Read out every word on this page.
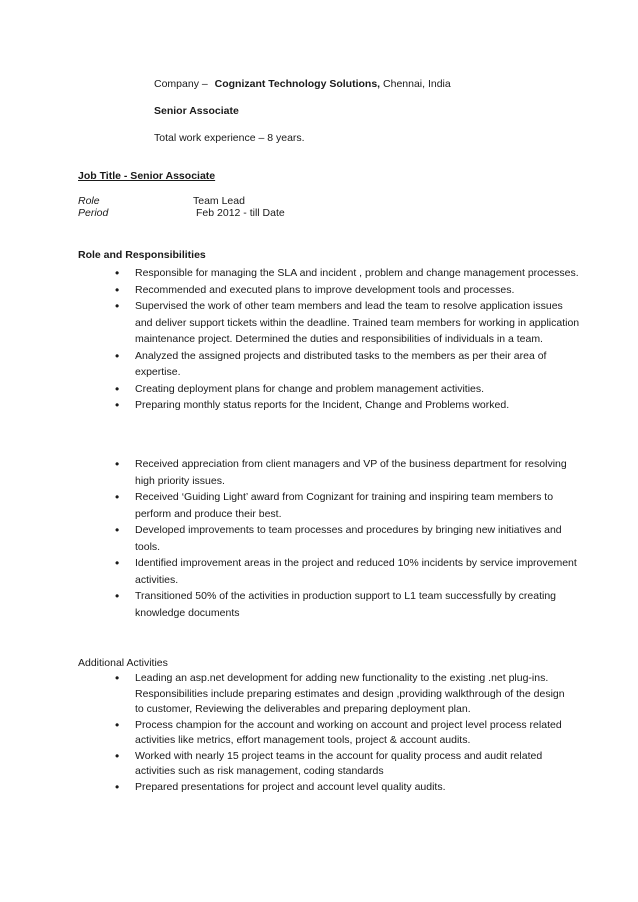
Company – Cognizant Technology Solutions, Chennai, India
Senior Associate
Total work experience – 8 years.
Job Title - Senior Associate
Role	Team Lead
Period	Feb 2012 - till Date
Role and Responsibilities
• Responsible for managing the SLA and incident , problem and change management processes.
• Recommended and executed plans to improve development tools and processes.
• Supervised the work of other team members and lead the team to resolve application issues and deliver support tickets within the deadline. Trained team members for working in application maintenance project. Determined the duties and responsibilities of individuals in a team.
• Analyzed the assigned projects and distributed tasks to the members as per their area of expertise.
• Creating deployment plans for change and problem management activities.
• Preparing monthly status reports for the Incident, Change and Problems worked.
• Received appreciation from client managers and VP of the business department for resolving high priority issues.
• Received ‘Guiding Light’ award from Cognizant for training and inspiring team members to perform and produce their best.
• Developed improvements to team processes and procedures by bringing new initiatives and tools.
• Identified improvement areas in the project and reduced 10% incidents by service improvement activities.
• Transitioned 50% of the activities in production support to L1 team successfully by creating knowledge documents
Additional Activities
• Leading an asp.net development for adding new functionality to the existing .net plug-ins. Responsibilities include preparing estimates and design ,providing walkthrough of the design to customer, Reviewing the deliverables and preparing deployment plan.
• Process champion for the account and working on account and project level process related activities like metrics, effort management tools, project & account audits.
• Worked with nearly 15 project teams in the account for quality process and audit related activities such as risk management, coding standards
• Prepared presentations for project and account level quality audits.
